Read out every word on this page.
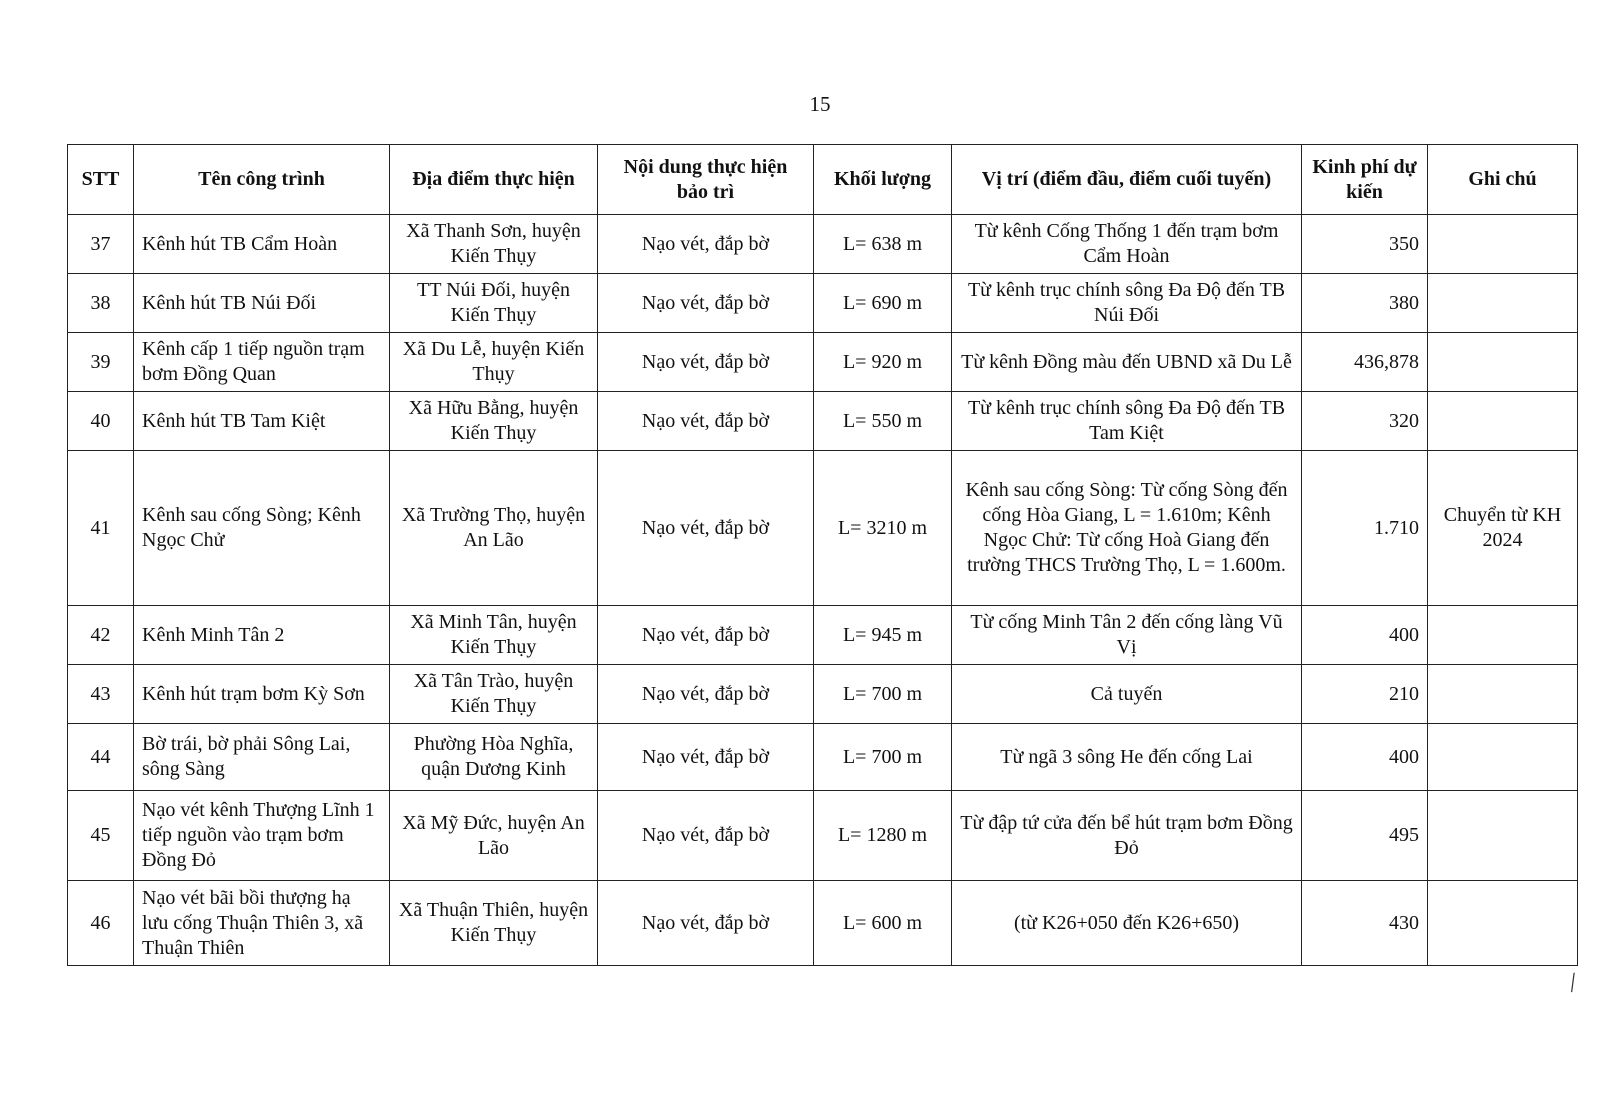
15
STT	Tên công trình	Địa điểm thực hiện	Nội dung thực hiện bảo trì	Khối lượng	Vị trí (điểm đầu, điểm cuối tuyến)	Kinh phí dự kiến	Ghi chú
37	Kênh hút TB Cẩm Hoàn	Xã Thanh Sơn, huyện Kiến Thụy	Nạo vét, đắp bờ	L= 638 m	Từ kênh Cống Thống 1 đến trạm bơm Cẩm Hoàn	350	
38	Kênh hút TB Núi Đối	TT Núi Đối, huyện Kiến Thụy	Nạo vét, đắp bờ	L= 690 m	Từ kênh trục chính sông Đa Độ đến TB Núi Đối	380	
39	Kênh cấp 1 tiếp nguồn trạm bơm Đồng Quan	Xã Du Lễ, huyện Kiến Thụy	Nạo vét, đắp bờ	L= 920 m	Từ kênh Đồng màu đến UBND xã Du Lễ	436,878	
40	Kênh hút TB Tam Kiệt	Xã Hữu Bằng, huyện Kiến Thụy	Nạo vét, đắp bờ	L= 550 m	Từ kênh trục chính sông Đa Độ đến TB Tam Kiệt	320	
41	Kênh sau cống Sòng; Kênh Ngọc Chử	Xã Trường Thọ, huyện An Lão	Nạo vét, đắp bờ	L= 3210 m	Kênh sau cống Sòng: Từ cống Sòng đến cống Hòa Giang, L = 1.610m; Kênh Ngọc Chử: Từ cống Hoà Giang đến trường THCS Trường Thọ, L = 1.600m.	1.710	Chuyển từ KH 2024
42	Kênh Minh Tân 2	Xã Minh Tân, huyện Kiến Thụy	Nạo vét, đắp bờ	L= 945 m	Từ cống Minh Tân 2 đến cống làng Vũ Vị	400	
43	Kênh hút trạm bơm Kỳ Sơn	Xã Tân Trào, huyện Kiến Thụy	Nạo vét, đắp bờ	L= 700 m	Cả tuyến	210	
44	Bờ trái, bờ phải Sông Lai, sông Sàng	Phường Hòa Nghĩa, quận Dương Kinh	Nạo vét, đắp bờ	L= 700 m	Từ ngã 3 sông He đến cống Lai	400	
45	Nạo vét kênh Thượng Lĩnh 1 tiếp nguồn vào trạm bơm Đồng Đỏ	Xã Mỹ Đức, huyện An Lão	Nạo vét, đắp bờ	L= 1280 m	Từ đập tứ cửa đến bể hút trạm bơm Đồng Đỏ	495	
46	Nạo vét bãi bồi thượng hạ lưu cống Thuận Thiên 3, xã Thuận Thiên	Xã Thuận Thiên, huyện Kiến Thụy	Nạo vét, đắp bờ	L= 600 m	(từ K26+050 đến K26+650)	430	
/
